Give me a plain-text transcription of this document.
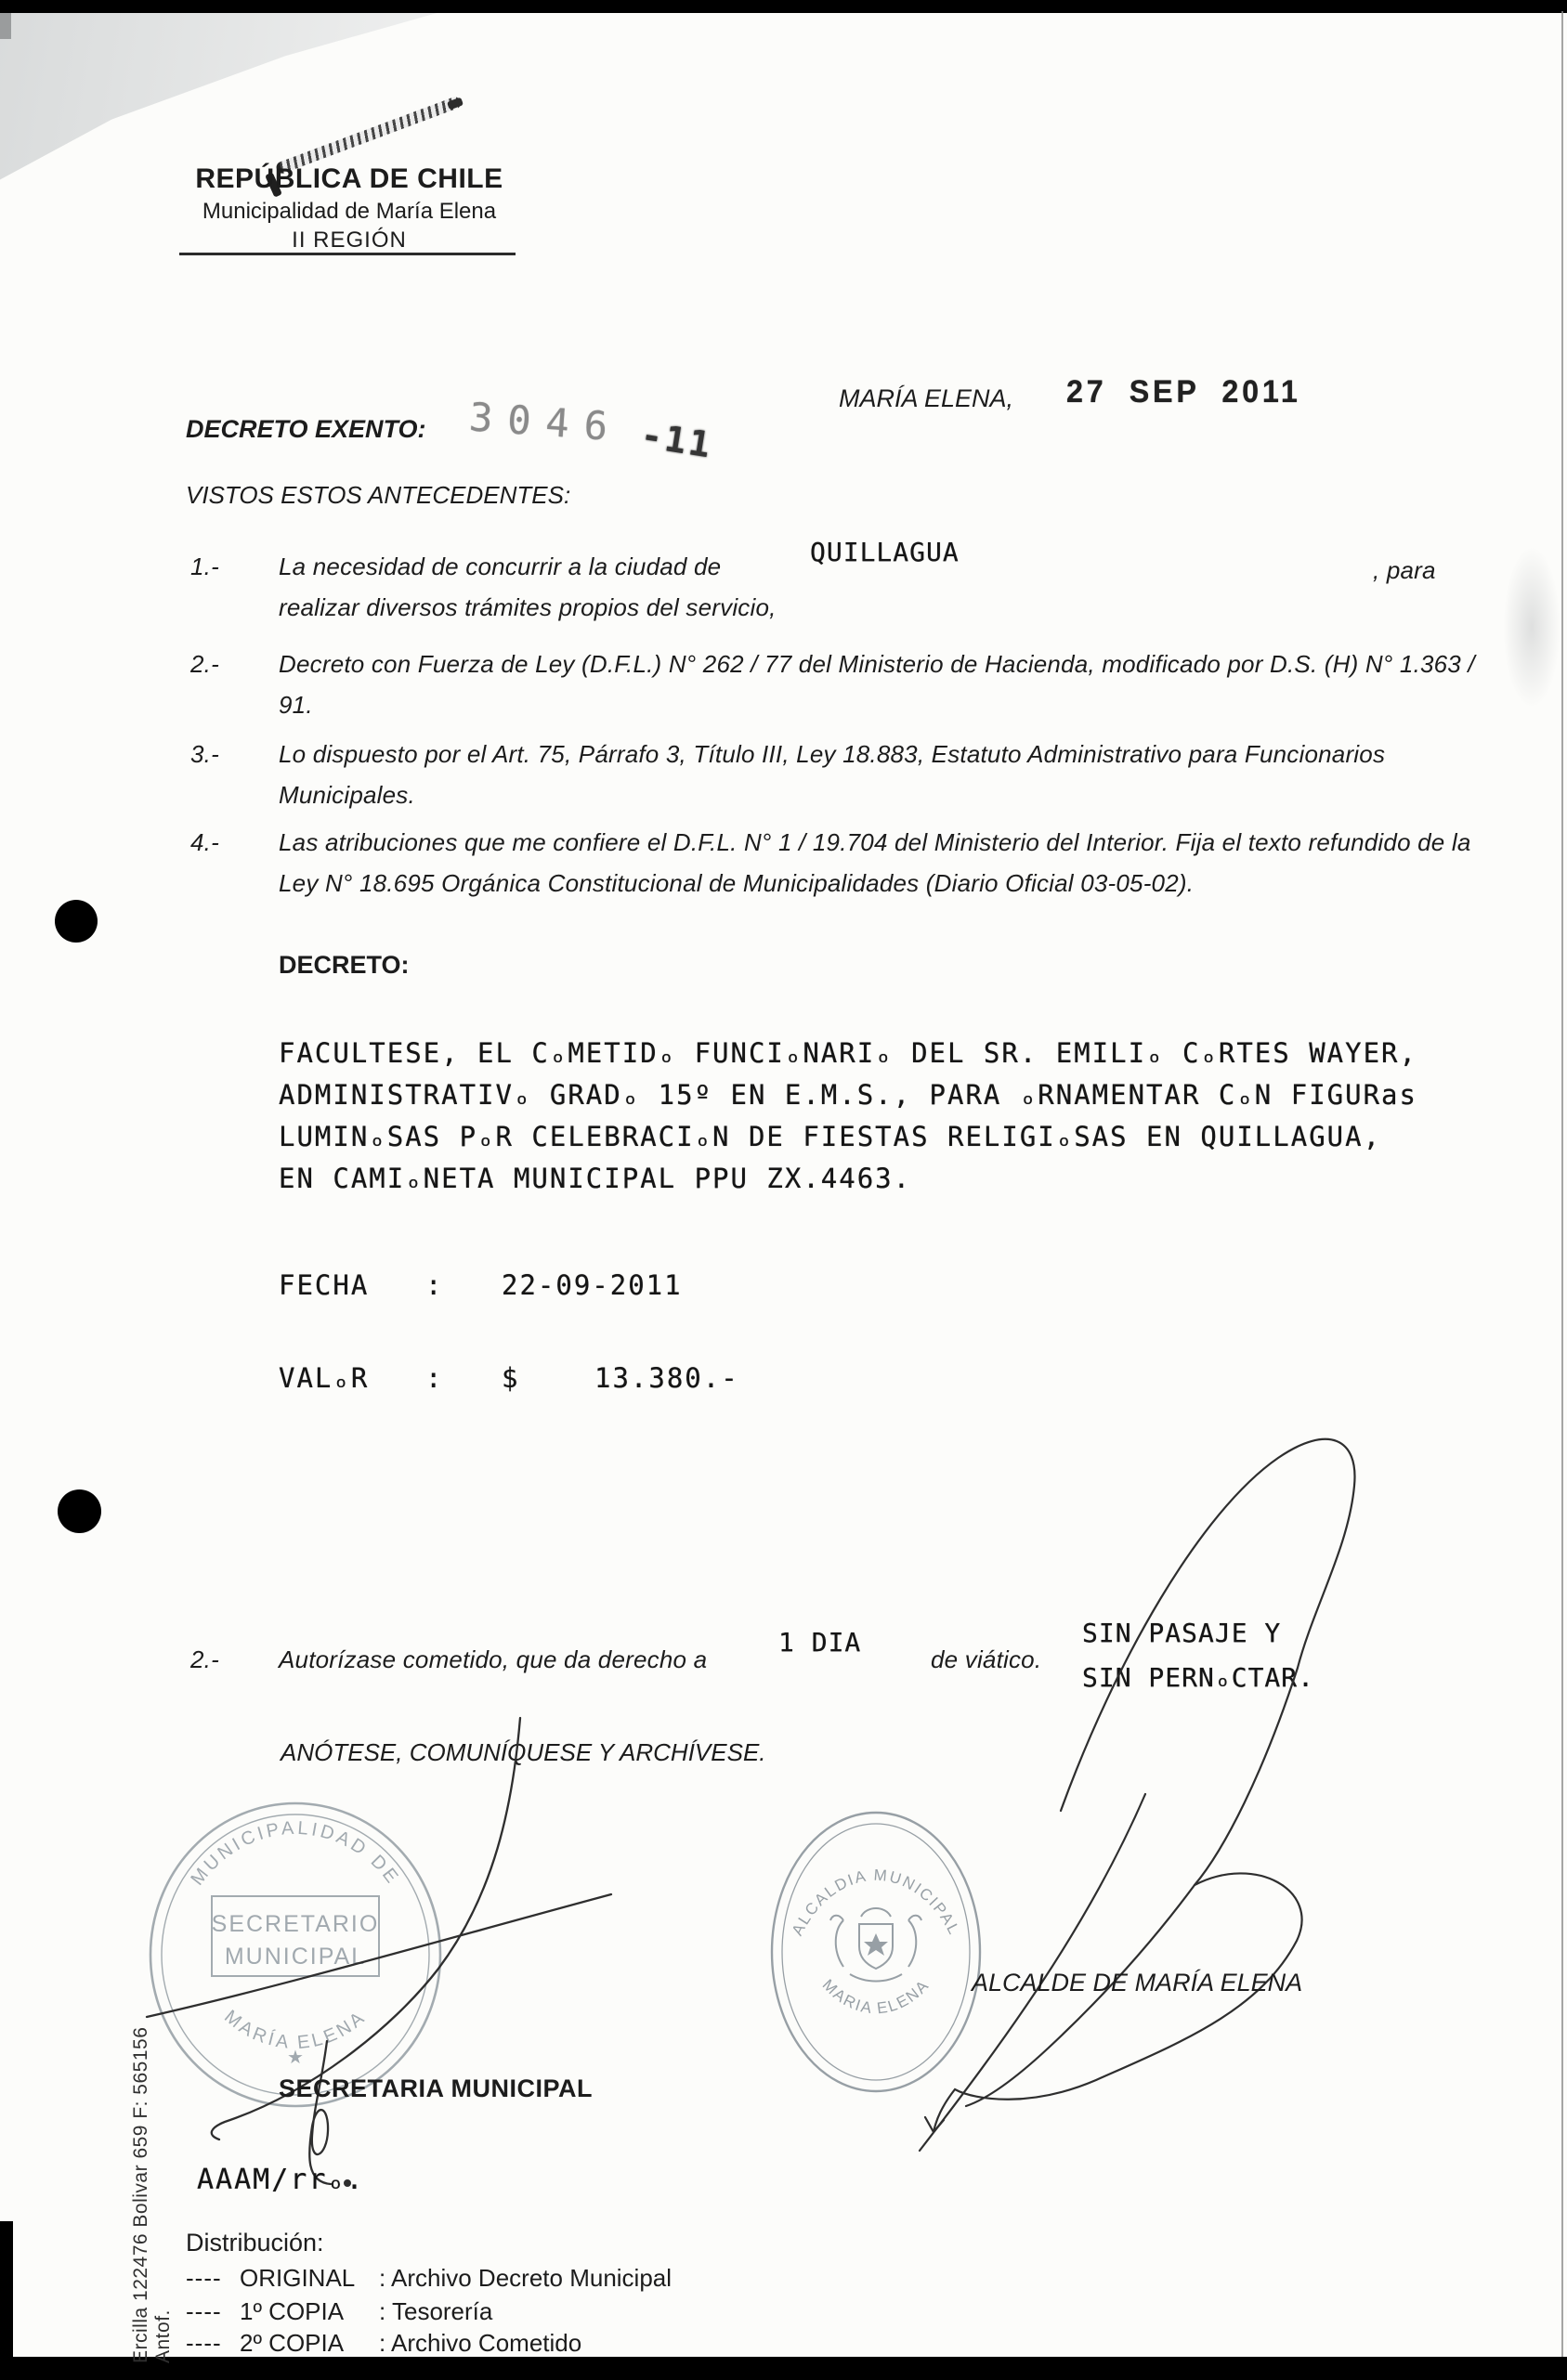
REPÚBLICA DE CHILE
Municipalidad de María Elena
II REGIÓN
MARÍA ELENA, 27 SEP 2011
DECRETO EXENTO: 3046 -11
VISTOS ESTOS ANTECEDENTES:
1.- La necesidad de concurrir a la ciudad de	QUILLAGUA
, para
realizar diversos trámites propios del servicio,
2.- Decreto con Fuerza de Ley (D.F.L.) N° 262 / 77 del Ministerio de Hacienda, modificado por D.S. (H) N° 1.363 / 91.
3.- Lo dispuesto por el Art. 75, Párrafo 3, Título III, Ley 18.883, Estatuto Administrativo para Funcionarios Municipales.
4.- Las atribuciones que me confiere el D.F.L. N° 1 / 19.704 del Ministerio del Interior. Fija el texto refundido de la Ley N° 18.695 Orgánica Constitucional de Municipalidades (Diario Oficial 03-05-02).
DECRETO:
FACULTESE, EL CₒMETIDₒ FUNCIₒNARIₒ DEL SR. EMILIₒ CₒRTES WAYER,
ADMINISTRATIVₒ GRADₒ 15º EN E.M.S., PARA ₒRNAMENTAR CₒN FIGURas
LUMINₒSAS PₒR CELEBRACIₒN DE FIESTAS RELIGIₒSAS EN QUILLAGUA,
EN CAMIₒNETA MUNICIPAL PPU ZX.4463.
FECHA : 22-09-2011
VALₒR : $	13.380.-
2.- Autorízase cometido, que da derecho a
1 DIA
de viático.
SIN PASAJE Y
SIN PERNₒCTAR.
ANÓTESE, COMUNÍQUESE Y ARCHÍVESE.
MUNICIPALIDAD DE
MARÍA ELENA
SECRETARIO
MUNICIPAL
★
ALCALDIA MUNICIPAL
MARIA ELENA ALCALDE DE MARÍA ELENA
SECRETARIA MUNICIPAL
AAAM/rrₒ.
Distribución:
---- ORIGINAL : Archivo Decreto Municipal
---- 1º COPIA : Tesorería
---- 2º COPIA : Archivo Cometido
Ercilla 122476 Bolivar 659 F: 565156 Antof.
